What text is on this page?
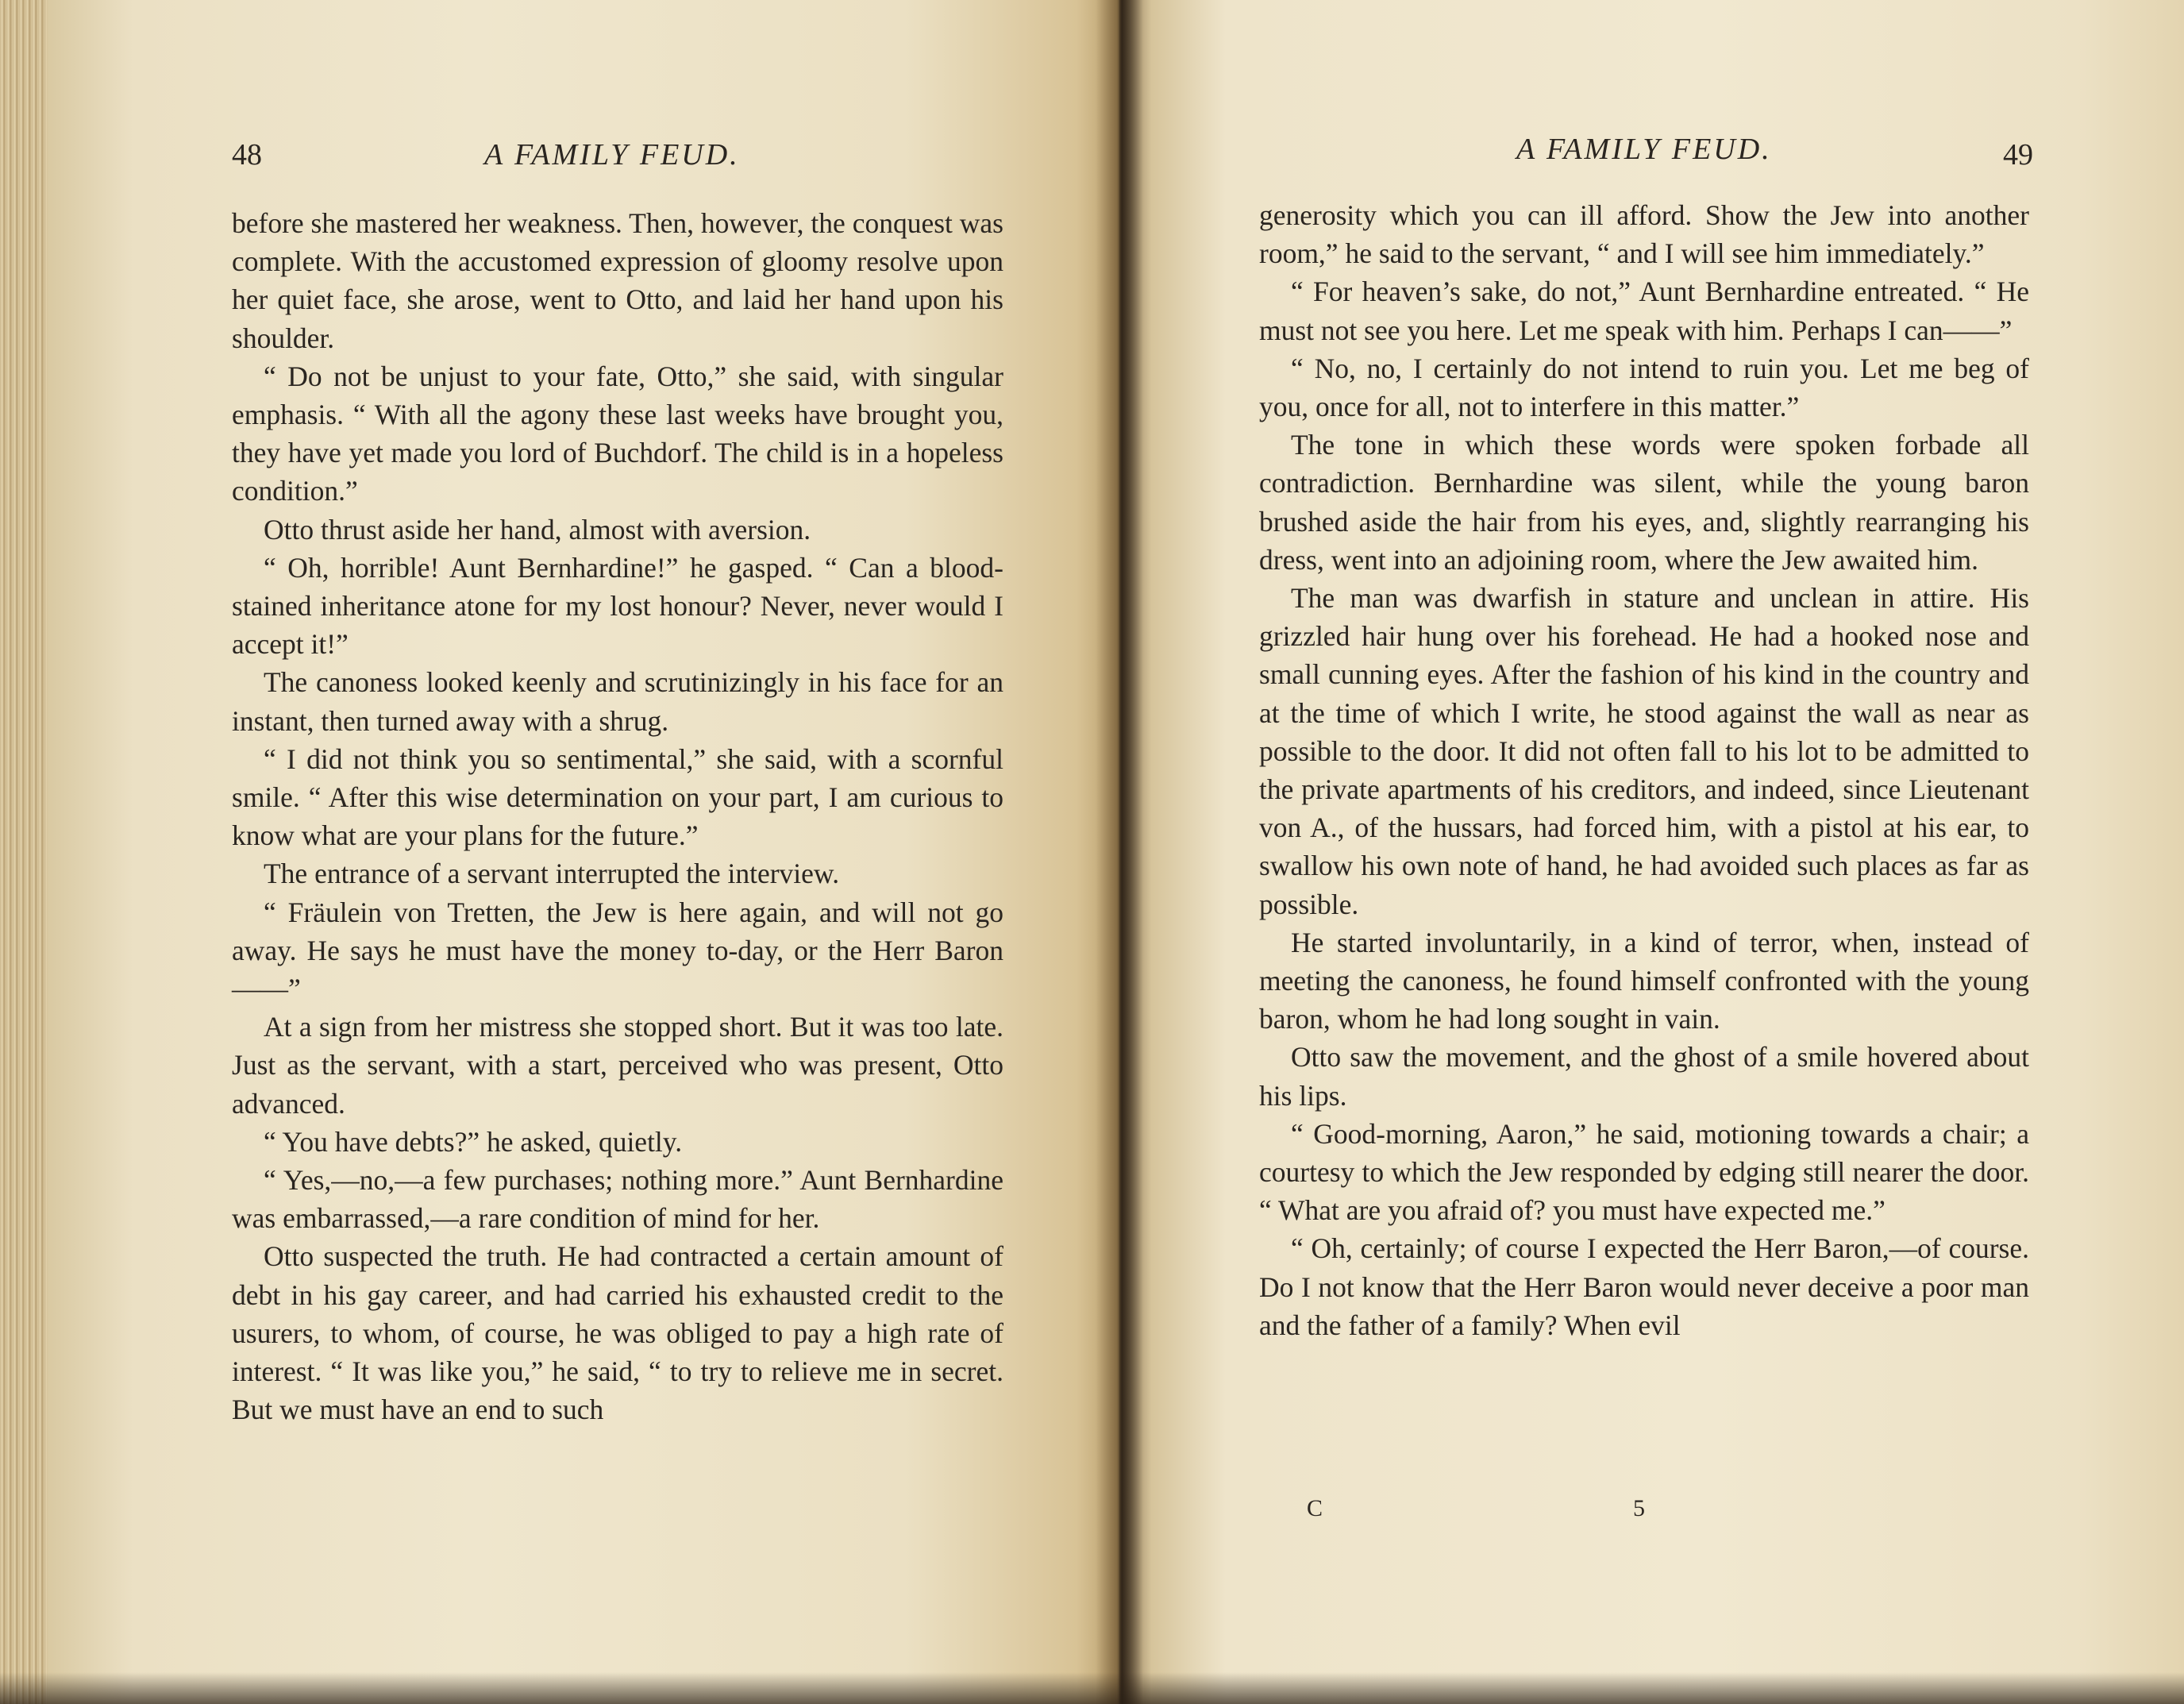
48	A FAMILY FEUD.	A FAMILY FEUD.	49

before she mastered her weakness. Then, however, the conquest was complete. With the accustomed expression of gloomy resolve upon her quiet face, she arose, went to Otto, and laid her hand upon his shoulder.

“ Do not be unjust to your fate, Otto,” she said, with singular emphasis. “ With all the agony these last weeks have brought you, they have yet made you lord of Buchdorf. The child is in a hopeless condition.”

Otto thrust aside her hand, almost with aversion.

“ Oh, horrible! Aunt Bernhardine!” he gasped. “ Can a blood-stained inheritance atone for my lost honour? Never, never would I accept it!”

The canoness looked keenly and scrutinizingly in his face for an instant, then turned away with a shrug.

“ I did not think you so sentimental,” she said, with a scornful smile. “ After this wise determination on your part, I am curious to know what are your plans for the future.”

The entrance of a servant interrupted the interview.

“ Fräulein von Tretten, the Jew is here again, and will not go away. He says he must have the money to-day, or the Herr Baron——”

At a sign from her mistress she stopped short. But it was too late. Just as the servant, with a start, perceived who was present, Otto advanced.

“ You have debts?” he asked, quietly.

“ Yes,—no,—a few purchases; nothing more.” Aunt Bernhardine was embarrassed,—a rare condition of mind for her.

Otto suspected the truth. He had contracted a certain amount of debt in his gay career, and had carried his exhausted credit to the usurers, to whom, of course, he was obliged to pay a high rate of interest. “ It was like you,” he said, “ to try to relieve me in secret. But we must have an end to such

generosity which you can ill afford. Show the Jew into another room,” he said to the servant, “ and I will see him immediately.”

“ For heaven’s sake, do not,” Aunt Bernhardine entreated. “ He must not see you here. Let me speak with him. Perhaps I can——”

“ No, no, I certainly do not intend to ruin you. Let me beg of you, once for all, not to interfere in this matter.”

The tone in which these words were spoken forbade all contradiction. Bernhardine was silent, while the young baron brushed aside the hair from his eyes, and, slightly rearranging his dress, went into an adjoining room, where the Jew awaited him.

The man was dwarfish in stature and unclean in attire. His grizzled hair hung over his forehead. He had a hooked nose and small cunning eyes. After the fashion of his kind in the country and at the time of which I write, he stood against the wall as near as possible to the door. It did not often fall to his lot to be admitted to the private apartments of his creditors, and indeed, since Lieutenant von A., of the hussars, had forced him, with a pistol at his ear, to swallow his own note of hand, he had avoided such places as far as possible.

He started involuntarily, in a kind of terror, when, instead of meeting the canoness, he found himself confronted with the young baron, whom he had long sought in vain.

Otto saw the movement, and the ghost of a smile hovered about his lips.

“ Good-morning, Aaron,” he said, motioning towards a chair; a courtesy to which the Jew responded by edging still nearer the door. “ What are you afraid of? you must have expected me.”

“ Oh, certainly; of course I expected the Herr Baron,—of course. Do I not know that the Herr Baron would never deceive a poor man and the father of a family? When evil

C	5
